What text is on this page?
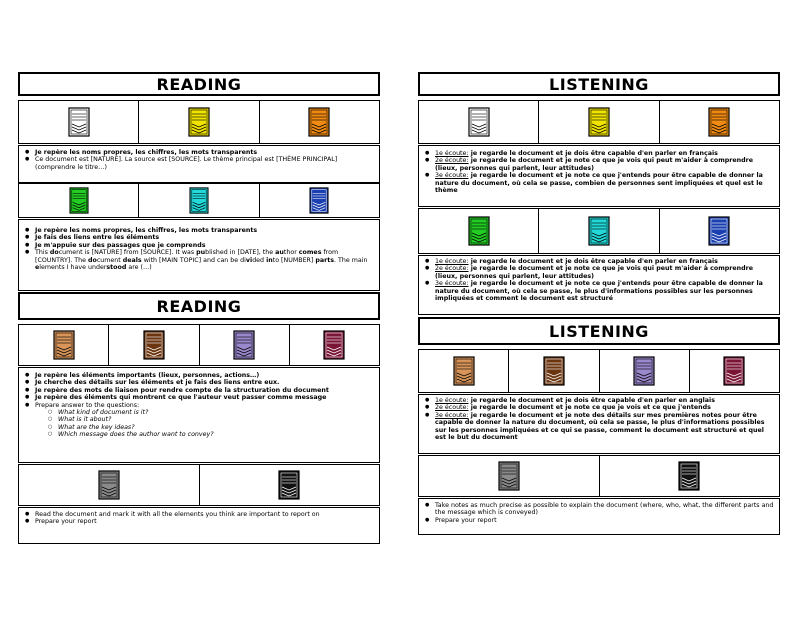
READING
● Je repère les noms propres, les chiffres, les mots transparents
● Ce document est [NATURE]. La source est [SOURCE]. Le thème principal est [THÈME PRINCIPAL] (comprendre le titre…)
● Je repère les noms propres, les chiffres, les mots transparents
● Je fais des liens entre les éléments
● Je m'appuie sur des passages que je comprends
● This document is [NATURE] from [SOURCE]. It was published in [DATE], the author comes from [COUNTRY]. The document deals with [MAIN TOPIC] and can be divided into [NUMBER] parts. The main elements I have understood are (…)
READING
● Je repère les éléments importants (lieux, personnes, actions…)
● Je cherche des détails sur les éléments et je fais des liens entre eux.
● Je repère des mots de liaison pour rendre compte de la structuration du document
● Je repère des éléments qui montrent ce que l'auteur veut passer comme message
● Prepare answer to the questions:
○ What kind of document is it?
○ What is it about?
○ What are the key ideas?
○ Which message does the author want to convey?
● Read the document and mark it with all the elements you think are important to report on
● Prepare your report
LISTENING
● 1e écoute: je regarde le document et je dois être capable d'en parler en français
● 2e écoute: je regarde le document et je note ce que je vois qui peut m'aider à comprendre (lieux, personnes qui parlent, leur attitudes)
● 3e écoute: je regarde le document et je note ce que j'entends pour être capable de donner la nature du document, où cela se passe, combien de personnes sent impliquées et quel est le thème
● 1e écoute: je regarde le document et je dois être capable d'en parler en français
● 2e écoute: je regarde le document et je note ce que je vois qui peut m'aider à comprendre (lieux, personnes qui parlent, leur attitudes)
● 3e écoute: je regarde le document et je note ce que j'entends pour être capable de donner la nature du document, où cela se passe, le plus d'informations possibles sur les personnes impliquées et comment le document est structuré
LISTENING
● 1e écoute: je regarde le document et je dois être capable d'en parler en anglais
● 2e écoute: je regarde le document et je note ce que je vois et ce que j'entends
● 3e écoute: je regarde le document et je note des détails sur mes premières notes pour être capable de donner la nature du document, où cela se passe, le plus d'informations possibles sur les personnes impliquées et ce qui se passe, comment le document est structuré et quel est le but du document
● Take notes as much precise as possible to explain the document (where, who, what, the different parts and the message which is conveyed)
● Prepare your report
